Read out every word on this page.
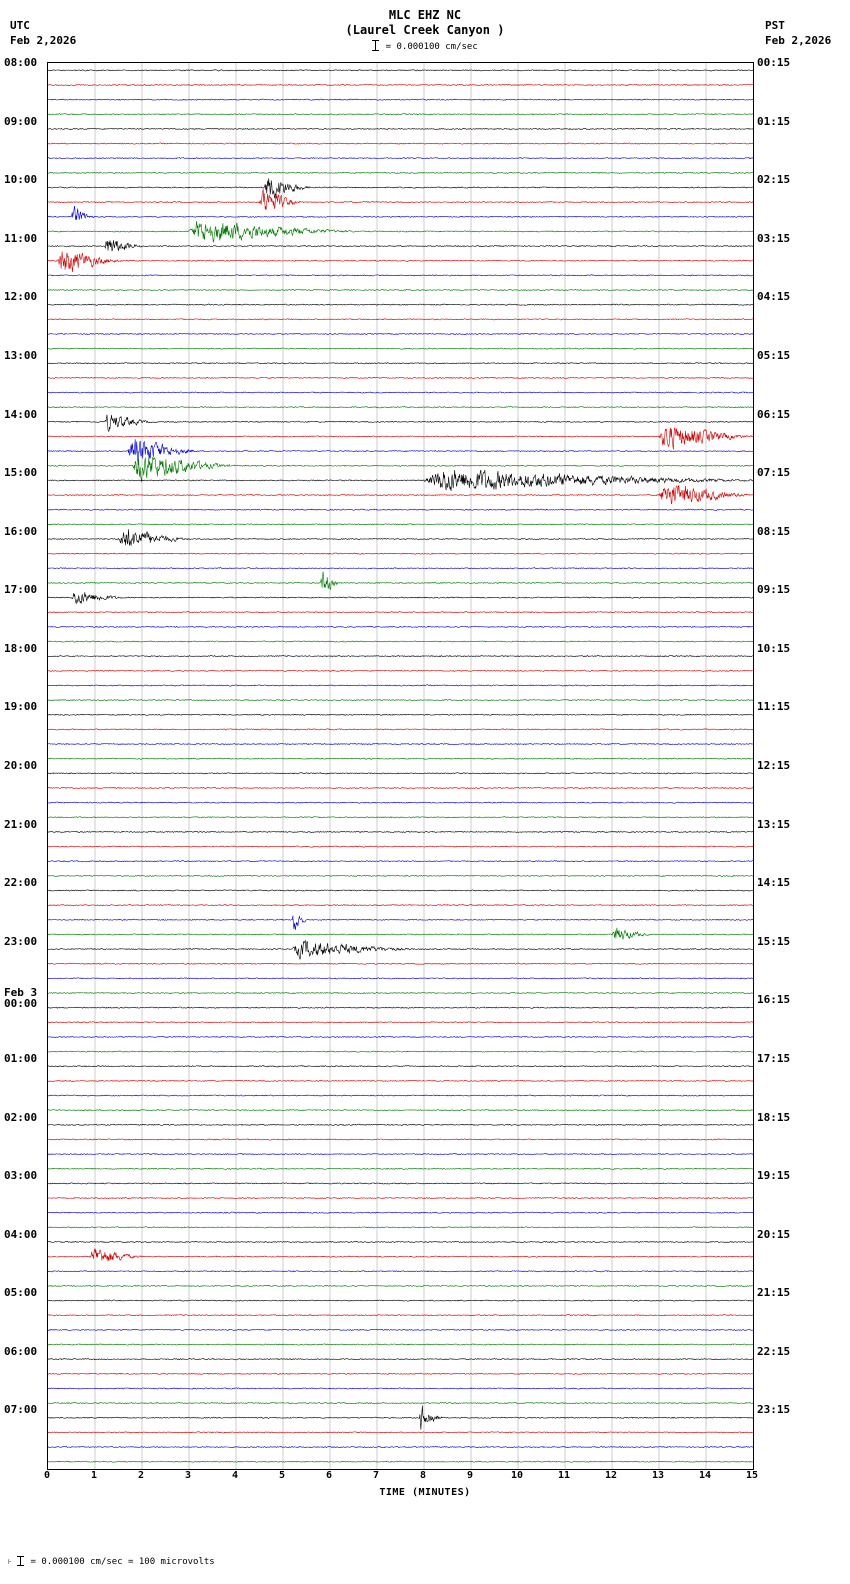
UTC
Feb 2,2026
PST
Feb 2,2026
MLC EHZ NC
(Laurel Creek Canyon )
= 0.000100 cm/sec
08:00
09:00
10:00
11:00
12:00
13:00
14:00
15:00
16:00
17:00
18:00
19:00
20:00
21:00
22:00
23:00
Feb 3
00:00
01:00
02:00
03:00
04:00
05:00
06:00
07:00
00:15
01:15
02:15
03:15
04:15
05:15
06:15
07:15
08:15
09:15
10:15
11:15
12:15
13:15
14:15
15:15
16:15
17:15
18:15
19:15
20:15
21:15
22:15
23:15
0	1	2	3	4	5	6	7	8	9	10	11	12	13	14	15
TIME (MINUTES)
⊦ = 0.000100 cm/sec = 100 microvolts
